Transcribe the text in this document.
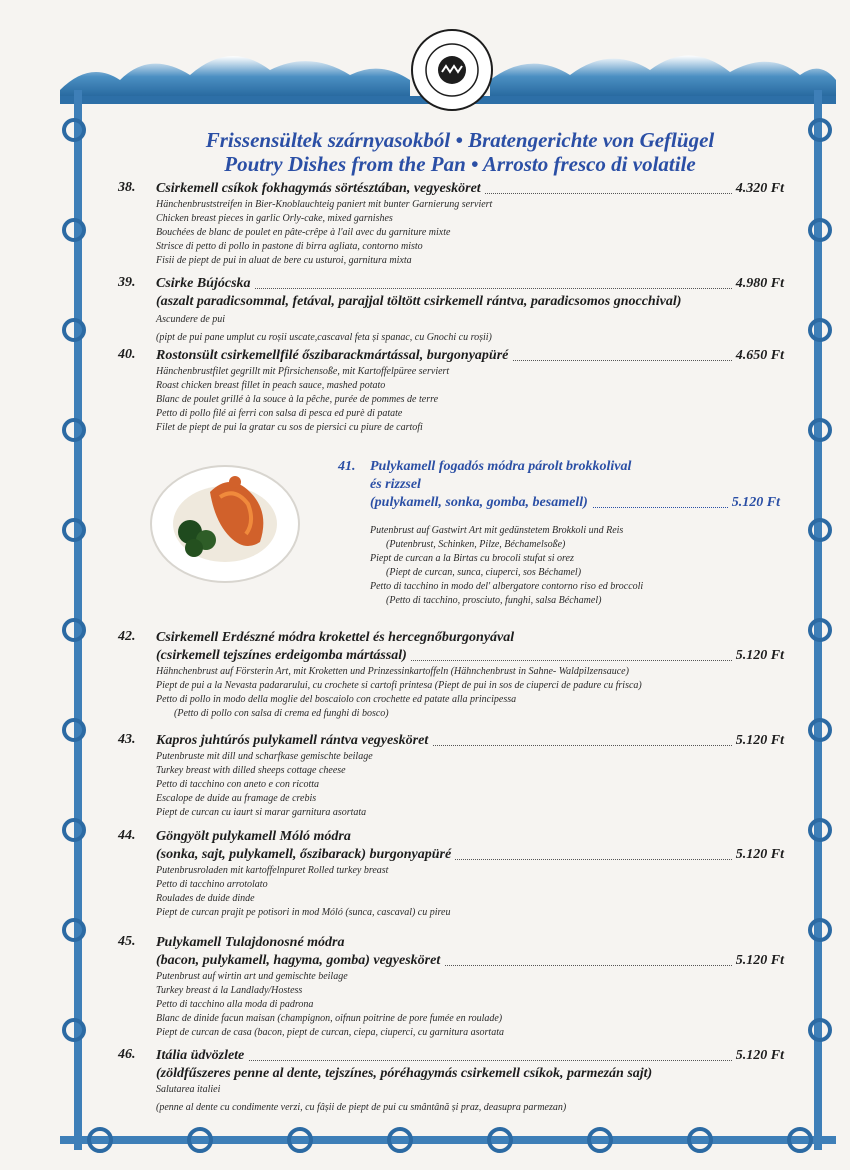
Frissensültek szárnyasokból • Bratengerichte von Geflügel
Poutry Dishes from the Pan • Arrosto fresco di volatile
38. Csirkemell csíkok fokhagymás sörtésztában, vegyesköret	4.320 Ft
Hänchenbruststreifen in Bier-Knoblauchteig paniert mit bunter Garnierung serviert
Chicken breast pieces in garlic Orly-cake, mixed garnishes
Bouchées de blanc de poulet en pâte-crêpe à l'ail avec du garniture mixte
Strisce di petto di pollo in pastone di birra agliata, contorno misto
Fisii de piept de pui in aluat de bere cu usturoi, garnitura mixta
39. Csirke Bújócska	4.980 Ft
(aszalt paradicsommal, fetával, parajjal töltött csirkemell rántva, paradicsomos gnocchival)
Ascundere de pui
(pipt de pui pane umplut cu roșii uscate,cascaval feta și spanac, cu Gnochi cu roșii)
40. Rostonsült csirkemellfilé őszibarackmártással, burgonyapüré	4.650 Ft
Hänchenbrustfilet gegrillt mit Pfirsichensoße, mit Kartoffelpüree serviert
Roast chicken breast fillet in peach sauce, mashed potato
Blanc de poulet grillé à la souce à la pêche, purée de pommes de terre
Petto di pollo filé ai ferri con salsa di pesca ed purè di patate
Filet de piept de pui la gratar cu sos de piersici cu piure de cartofi
41. Pulykamell fogadós módra párolt brokkolival
és rizzsel
(pulykamell, sonka, gomba, besamell)	5.120 Ft
Putenbrust auf Gastwirt Art mit gedünstetem Brokkoli und Reis
(Putenbrust, Schinken, Pilze, Béchamelsoße)
Piept de curcan a la Birtas cu brocoli stufat si orez
(Piept de curcan, sunca, ciuperci, sos Béchamel)
Petto di tacchino in modo del' albergatore contorno riso ed broccoli
(Petto di tacchino, prosciuto, funghi, salsa Béchamel)
42. Csirkemell Erdészné módra krokettel és hercegnőburgonyával
(csirkemell tejszínes erdeigomba mártással)	5.120 Ft
Hähnchenbrust auf Försterin Art, mit Kroketten und Prinzessinkartoffeln (Hähnchenbrust in Sahne- Waldpilzensauce)
Piept de pui a la Nevasta padararului, cu crochete si cartofi printesa (Piept de pui in sos de ciuperci de padure cu frisca)
Petto di pollo in modo della moglie del boscaiolo con crochette ed patate alla principessa
(Petto di pollo con salsa di crema ed funghi di bosco)
43. Kapros juhtúrós pulykamell rántva vegyesköret	5.120 Ft
Putenbruste mit dill und scharfkase gemischte beilage
Turkey breast with dilled sheeps cottage cheese
Petto di tacchino con aneto e con ricotta
Escalope de duide au framage de crebis
Piept de curcan cu iaurt si marar garnitura asortata
44. Göngyölt pulykamell Móló módra
(sonka, sajt, pulykamell, őszibarack) burgonyapüré	5.120 Ft
Putenbrusroladen mit kartoffelnpuret Rolled turkey breast
Petto di tacchino arrotolato
Roulades de duide dinde
Piept de curcan prajit pe potisori in mod Móló (sunca, cascaval) cu pireu
45. Pulykamell Tulajdonosné módra
(bacon, pulykamell, hagyma, gomba) vegyesköret	5.120 Ft
Putenbrust auf wirtin art und gemischte beilage
Turkey breast á la Landlady/Hostess
Petto di tacchino alla moda di padrona
Blanc de dinide facun maisan (champignon, oifnun poitrine de pore fumée en roulade)
Piept de curcan de casa (bacon, piept de curcan, ciepa, ciuperci, cu garnitura asortata
46. Itália üdvözlete	5.120 Ft
(zöldfűszeres penne al dente, tejszínes, póréhagymás csirkemell csíkok, parmezán sajt)
Salutarea italiei
(penne al dente cu condimente verzi, cu fâșii de piept de pui cu smântână și praz, deasupra parmezan)
